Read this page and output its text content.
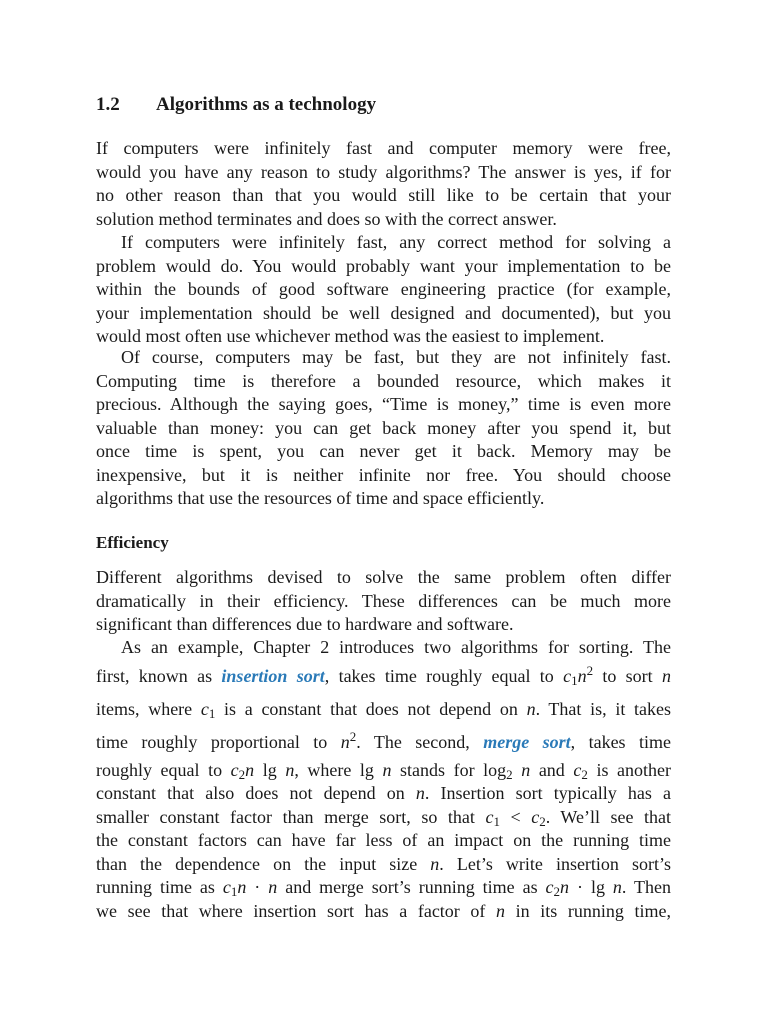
1.2 Algorithms as a technology
If computers were infinitely fast and computer memory were free,
would you have any reason to study algorithms? The answer is yes, if for
no other reason than that you would still like to be certain that your
solution method terminates and does so with the correct answer.
If computers were infinitely fast, any correct method for solving a
problem would do. You would probably want your implementation to be
within the bounds of good software engineering practice (for example,
your implementation should be well designed and documented), but you
would most often use whichever method was the easiest to implement.
Of course, computers may be fast, but they are not infinitely fast.
Computing time is therefore a bounded resource, which makes it
precious. Although the saying goes, “Time is money,” time is even more
valuable than money: you can get back money after you spend it, but
once time is spent, you can never get it back. Memory may be
inexpensive, but it is neither infinite nor free. You should choose
algorithms that use the resources of time and space efficiently.
Efficiency
Different algorithms devised to solve the same problem often differ
dramatically in their efficiency. These differences can be much more
significant than differences due to hardware and software.
As an example, Chapter 2 introduces two algorithms for sorting. The
first, known as insertion sort, takes time roughly equal to $c_1n^2$ to sort n
items, where $c_1$ is a constant that does not depend on n. That is, it takes
time roughly proportional to $n^2$. The second, merge sort, takes time
roughly equal to $c_2n$ lg n, where lg n stands for $\log_2 n$ and $c_2$ is another
constant that also does not depend on n. Insertion sort typically has a
smaller constant factor than merge sort, so that $c_1 < c_2$. We’ll see that
the constant factors can have far less of an impact on the running time
than the dependence on the input size n. Let’s write insertion sort’s
running time as $c_1n \cdot n$ and merge sort’s running time as $c_2n \cdot \lg n$. Then
we see that where insertion sort has a factor of n in its running time,
